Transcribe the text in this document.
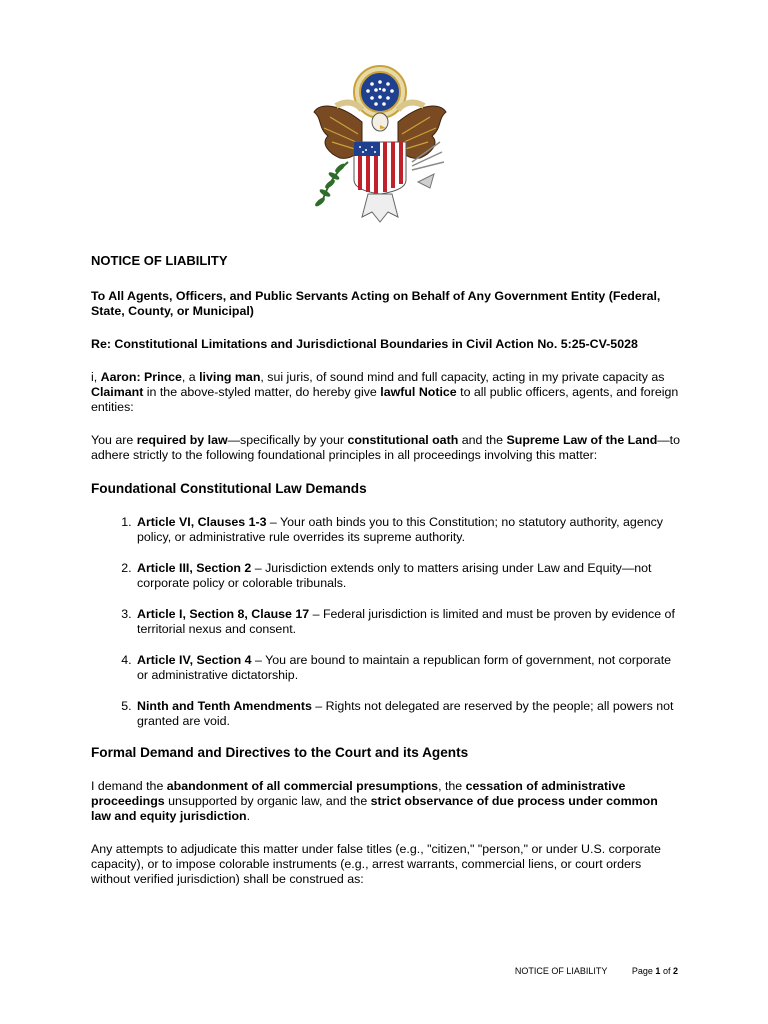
NOTICE OF LIABILITY
To All Agents, Officers, and Public Servants Acting on Behalf of Any Government Entity (Federal, State, County, or Municipal)
Re: Constitutional Limitations and Jurisdictional Boundaries in Civil Action No. 5:25-CV-5028

i, Aaron: Prince, a living man, sui juris, of sound mind and full capacity, acting in my private capacity as Claimant in the above-styled matter, do hereby give lawful Notice to all public officers, agents, and foreign entities:

You are required by law—specifically by your constitutional oath and the Supreme Law of the Land—to adhere strictly to the following foundational principles in all proceedings involving this matter:

Foundational Constitutional Law Demands
1. Article VI, Clauses 1-3 – Your oath binds you to this Constitution; no statutory authority, agency policy, or administrative rule overrides its supreme authority.
2. Article III, Section 2 – Jurisdiction extends only to matters arising under Law and Equity—not corporate policy or colorable tribunals.
3. Article I, Section 8, Clause 17 – Federal jurisdiction is limited and must be proven by evidence of territorial nexus and consent.
4. Article IV, Section 4 – You are bound to maintain a republican form of government, not corporate or administrative dictatorship.
5. Ninth and Tenth Amendments – Rights not delegated are reserved by the people; all powers not granted are void.
Formal Demand and Directives to the Court and its Agents

I demand the abandonment of all commercial presumptions, the cessation of administrative proceedings unsupported by organic law, and the strict observance of due process under common law and equity jurisdiction.

Any attempts to adjudicate this matter under false titles (e.g., "citizen," "person," or under U.S. corporate capacity), or to impose colorable instruments (e.g., arrest warrants, commercial liens, or court orders without verified jurisdiction) shall be construed as:

NOTICE OF LIABILITY	Page 1 of 2
